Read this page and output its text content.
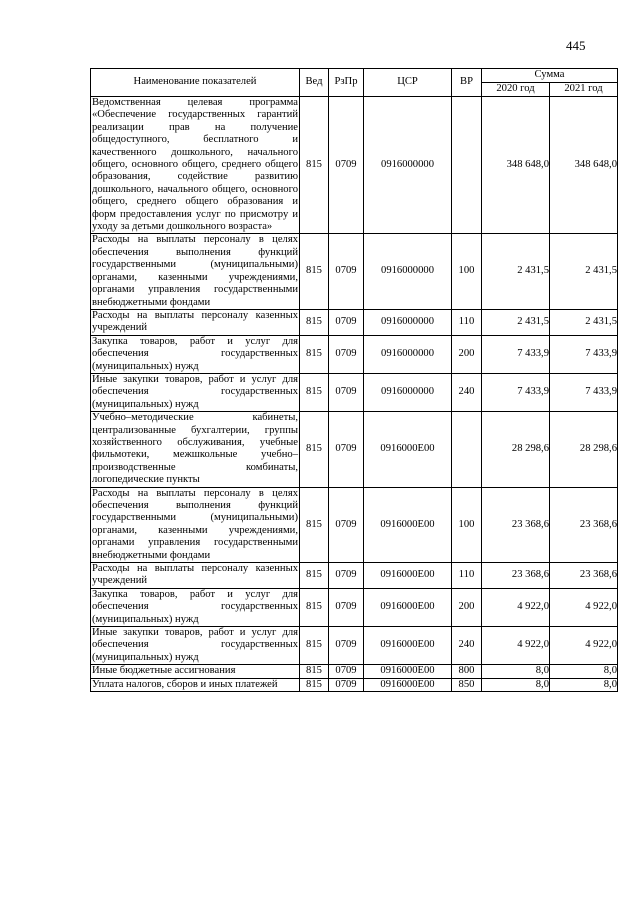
445
Наименование показателей	Вед	РзПр	ЦСР	ВР	Сумма	
					2020 год	2021 год
Ведомственная целевая программа «Обеспечение государственных гарантий реализации прав на получение общедоступного, бесплатного и качественного дошкольного, начального общего, основного общего, среднего общего образования, содействие развитию дошкольного, начального общего, основного общего, среднего общего образования и форм предоставления услуг по присмотру и уходу за детьми дошкольного возраста»	815	0709	0916000000		348 648,0	348 648,0
Расходы на выплаты персоналу в целях обеспечения выполнения функций государственными (муниципальными) органами, казенными учреждениями, органами управления государственными внебюджетными фондами	815	0709	0916000000	100	2 431,5	2 431,5
Расходы на выплаты персоналу казенных учреждений	815	0709	0916000000	110	2 431,5	2 431,5
Закупка товаров, работ и услуг для обеспечения государственных (муниципальных) нужд	815	0709	0916000000	200	7 433,9	7 433,9
Иные закупки товаров, работ и услуг для обеспечения государственных (муниципальных) нужд	815	0709	0916000000	240	7 433,9	7 433,9
Учебно–методические кабинеты, централизованные бухгалтерии, группы хозяйственного обслуживания, учебные фильмотеки, межшкольные учебно–производственные комбинаты, логопедические пункты	815	0709	0916000Е00		28 298,6	28 298,6
Расходы на выплаты персоналу в целях обеспечения выполнения функций государственными (муниципальными) органами, казенными учреждениями, органами управления государственными внебюджетными фондами	815	0709	0916000Е00	100	23 368,6	23 368,6
Расходы на выплаты персоналу казенных учреждений	815	0709	0916000Е00	110	23 368,6	23 368,6
Закупка товаров, работ и услуг для обеспечения государственных (муниципальных) нужд	815	0709	0916000Е00	200	4 922,0	4 922,0
Иные закупки товаров, работ и услуг для обеспечения государственных (муниципальных) нужд	815	0709	0916000Е00	240	4 922,0	4 922,0
Иные бюджетные ассигнования	815	0709	0916000Е00	800	8,0	8,0
Уплата налогов, сборов и иных платежей	815	0709	0916000Е00	850	8,0	8,0
